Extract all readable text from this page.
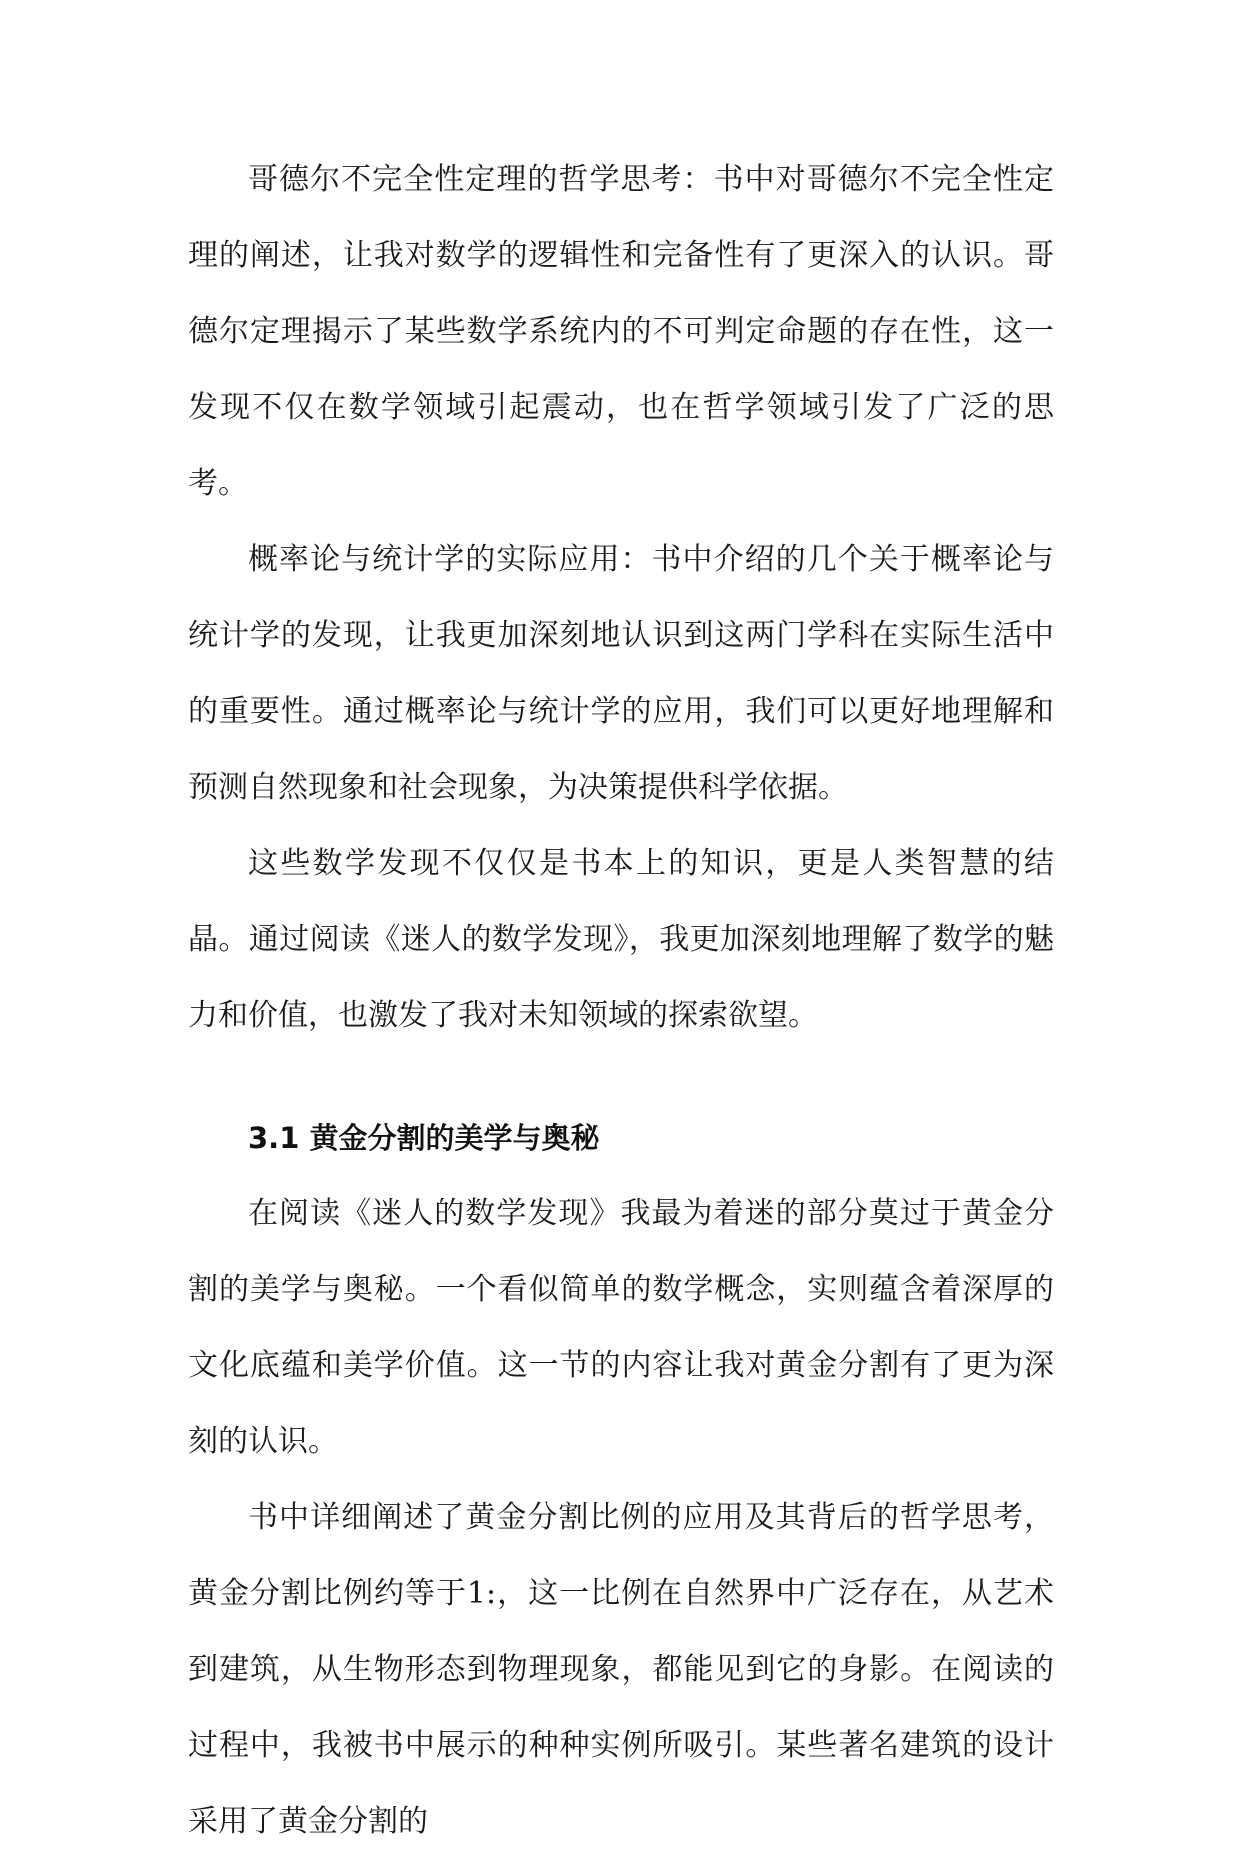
哥德尔不完全性定理的哲学思考：书中对哥德尔不完全性定理的阐述，让我对数学的逻辑性和完备性有了更深入的认识。哥德尔定理揭示了某些数学系统内的不可判定命题的存在性，这一发现不仅在数学领域引起震动，也在哲学领域引发了广泛的思考。

概率论与统计学的实际应用：书中介绍的几个关于概率论与统计学的发现，让我更加深刻地认识到这两门学科在实际生活中的重要性。通过概率论与统计学的应用，我们可以更好地理解和预测自然现象和社会现象，为决策提供科学依据。

这些数学发现不仅仅是书本上的知识，更是人类智慧的结晶。通过阅读《迷人的数学发现》，我更加深刻地理解了数学的魅力和价值，也激发了我对未知领域的探索欲望。

3.1 黄金分割的美学与奥秘

在阅读《迷人的数学发现》我最为着迷的部分莫过于黄金分割的美学与奥秘。一个看似简单的数学概念，实则蕴含着深厚的文化底蕴和美学价值。这一节的内容让我对黄金分割有了更为深刻的认识。

书中详细阐述了黄金分割比例的应用及其背后的哲学思考，黄金分割比例约等于1:，这一比例在自然界中广泛存在，从艺术到建筑，从生物形态到物理现象，都能见到它的身影。在阅读的过程中，我被书中展示的种种实例所吸引。某些著名建筑的设计采用了黄金分割的
